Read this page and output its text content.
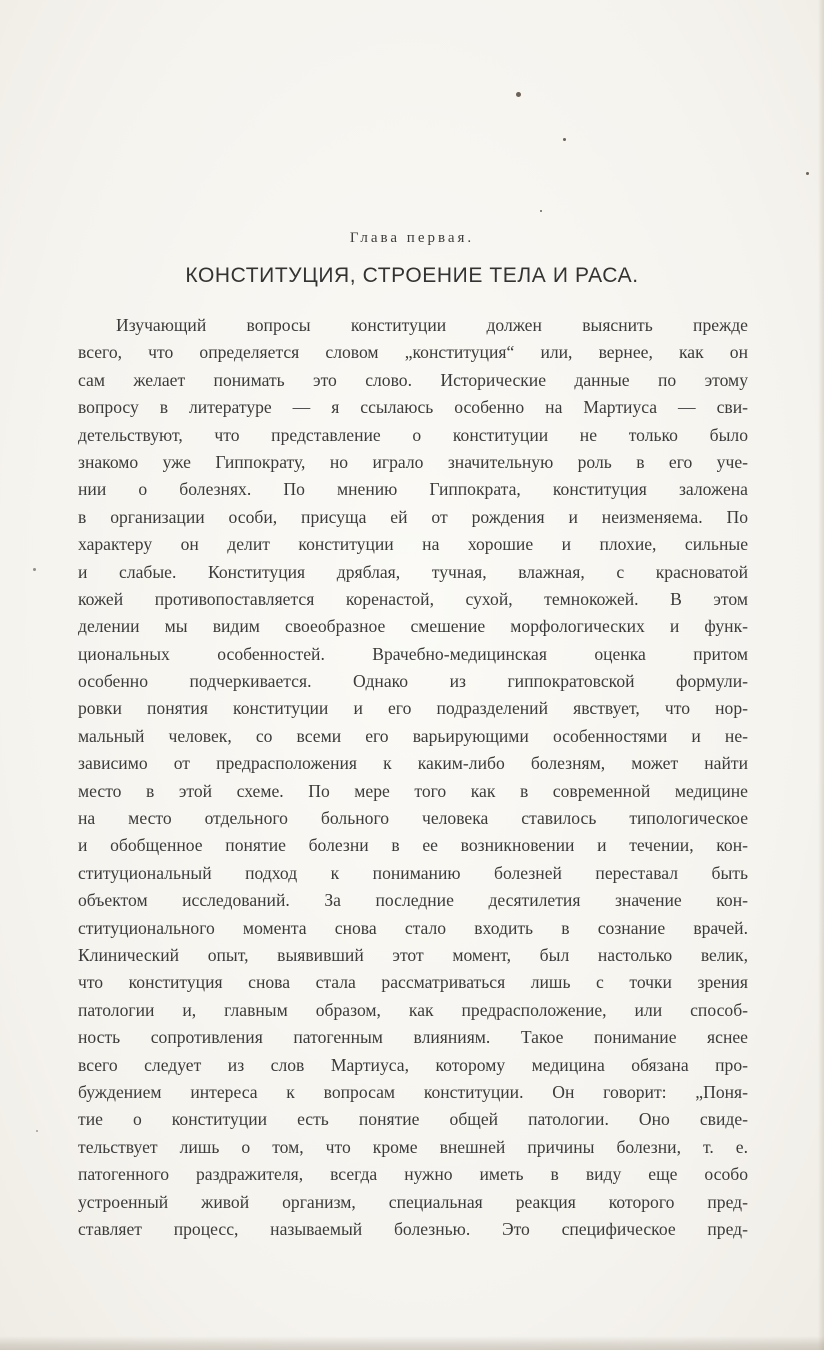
Глава первая.
КОНСТИТУЦИЯ, СТРОЕНИЕ ТЕЛА И РАСА.
Изучающий вопросы конституции должен выяснить прежде
всего, что определяется словом „конституция“ или, вернее, как он
сам желает понимать это слово. Исторические данные по этому
вопросу в литературе — я ссылаюсь особенно на Мартиуса — сви-
детельствуют, что представление о конституции не только было
знакомо уже Гиппократу, но играло значительную роль в его уче-
нии о болезнях. По мнению Гиппократа, конституция заложена
в организации особи, присуща ей от рождения и неизменяема. По
характеру он делит конституции на хорошие и плохие, сильные
и слабые. Конституция дряблая, тучная, влажная, с красноватой
кожей противопоставляется коренастой, сухой, темнокожей. В этом
делении мы видим своеобразное смешение морфологических и функ-
циональных особенностей. Врачебно-медицинская оценка притом
особенно подчеркивается. Однако из гиппократовской формули-
ровки понятия конституции и его подразделений явствует, что нор-
мальный человек, со всеми его варьирующими особенностями и не-
зависимо от предрасположения к каким-либо болезням, может найти
место в этой схеме. По мере того как в современной медицине
на место отдельного больного человека ставилось типологическое
и обобщенное понятие болезни в ее возникновении и течении, кон-
ституциональный подход к пониманию болезней переставал быть
объектом исследований. За последние десятилетия значение кон-
ституционального момента снова стало входить в сознание врачей.
Клинический опыт, выявивший этот момент, был настолько велик,
что конституция снова стала рассматриваться лишь с точки зрения
патологии и, главным образом, как предрасположение, или способ-
ность сопротивления патогенным влияниям. Такое понимание яснее
всего следует из слов Мартиуса, которому медицина обязана про-
буждением интереса к вопросам конституции. Он говорит: „Поня-
тие о конституции есть понятие общей патологии. Оно свиде-
тельствует лишь о том, что кроме внешней причины болезни, т. е.
патогенного раздражителя, всегда нужно иметь в виду еще особо
устроенный живой организм, специальная реакция которого пред-
ставляет процесс, называемый болезнью. Это специфическое пред-
